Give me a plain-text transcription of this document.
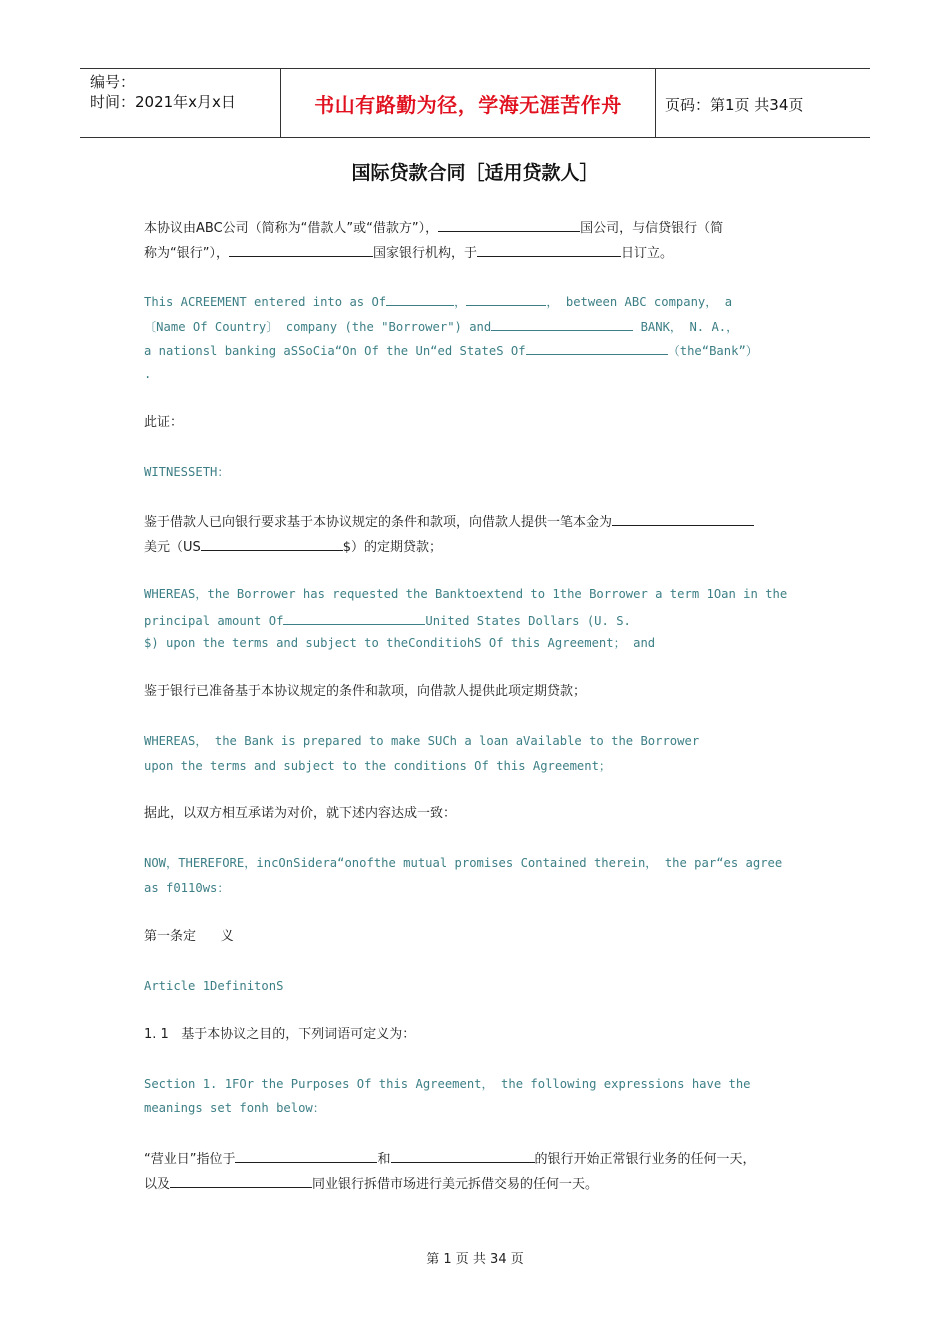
编号：
时间：2021年x月x日	书山有路勤为径，学海无涯苦作舟	页码：第1页 共34页
国际贷款合同［适用贷款人］
本协议由ABC公司（简称为“借款人”或“借款方”），	国公司，与信贷银行（简
称为“银行”），	国家银行机构，于	日订立。
This ACREEMENT entered into as Of	，	， between ABC company， a
〔Name Of Country〕 company (the "Borrower") and	BANK， N. A.，
a nationsl banking aSSoCia“On Of the Un“ed StateS Of	（the“Bank”）
.
此证：
WITNESSETH：
鉴于借款人已向银行要求基于本协议规定的条件和款项，向借款人提供一笔本金为
美元（US	$）的定期贷款；
WHEREAS，the Borrower has requested the Banktoextend to 1the Borrower a term 1Oan in the
principal amount Of	United States Dollars (U. S.
$) upon the terms and subject to theConditiohS Of this Agreement； and
鉴于银行已准备基于本协议规定的条件和款项，向借款人提供此项定期贷款；
WHEREAS， the Bank is prepared to make SUCh a loan aVailable to the Borrower
upon the terms and subject to the conditions Of this Agreement；
据此，以双方相互承诺为对价，就下述内容达成一致：
NOW，THEREFORE，incOnSidera“onofthe mutual promises Contained therein， the par“es agree
as f0110ws：
第一条定      义
Article 1DefinitonS
1. 1   基于本协议之目的，下列词语可定义为：
Section 1. 1FOr the Purposes Of this Agreement， the following expressions have the
meanings set fonh below：
“营业日”指位于	和	的银行开始正常银行业务的任何一天，
以及	同业银行拆借市场进行美元拆借交易的任何一天。
第 1 页 共 34 页
